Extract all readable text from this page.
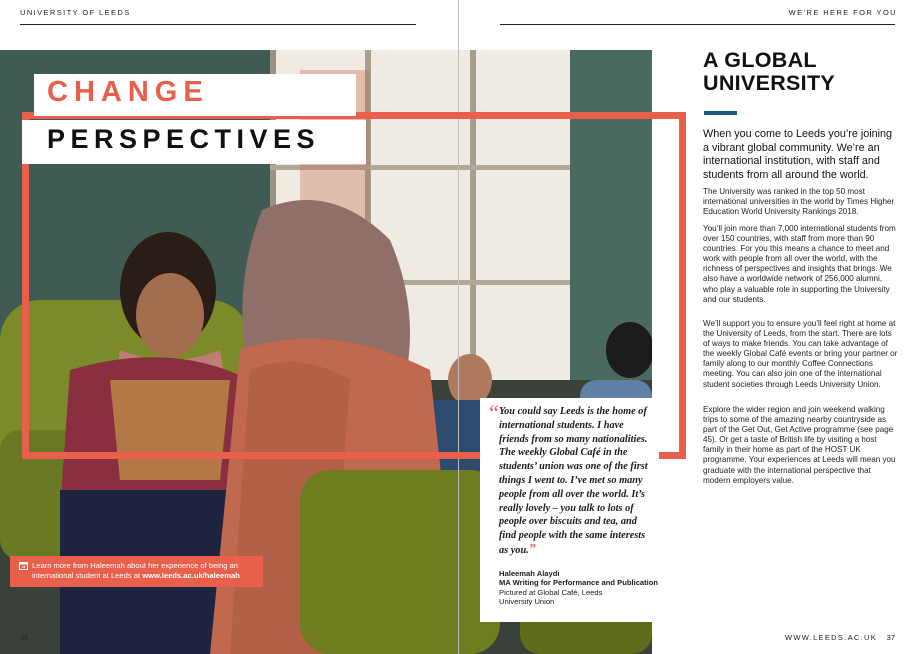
UNIVERSITY OF LEEDS	WE’RE HERE FOR YOU
CHANGE
PERSPECTIVES
“ You could say Leeds is the home of international students. I have friends from so many nationalities. The weekly Global Café in the students’ union was one of the first things I went to. I’ve met so many people from all over the world. It’s really lovely – you talk to lots of people over biscuits and tea, and find people with the same interests as you.”
Haleemah Alaydi
MA Writing for Performance and Publication
Pictured at Global Café, Leeds
University Union
Learn more from Haleemah about her experience of being an international student at Leeds at www.leeds.ac.uk/haleemah
A GLOBAL
UNIVERSITY
When you come to Leeds you’re joining a vibrant global community. We’re an international institution, with staff and students from all around the world.
The University was ranked in the top 50 most international universities in the world by Times Higher Education World University Rankings 2018.
You’ll join more than 7,000 international students from over 150 countries, with staff from more than 90 countries. For you this means a chance to meet and work with people from all over the world, with the richness of perspectives and insights that brings. We also have a worldwide network of 256,000 alumni, who play a valuable role in supporting the University and our students.
We’ll support you to ensure you’ll feel right at home at the University of Leeds, from the start. There are lots of ways to make friends. You can take advantage of the weekly Global Café events or bring your partner or family along to our monthly Coffee Connections meeting. You can also join one of the international student societies through Leeds University Union.
Explore the wider region and join weekend walking trips to some of the amazing nearby countryside as part of the Get Out, Get Active programme (see page 45). Or get a taste of British life by visiting a host family in their home as part of the HOST UK programme. Your experiences at Leeds will mean you graduate with the international perspective that modern employers value.
36	WWW.LEEDS.AC.UK 37
